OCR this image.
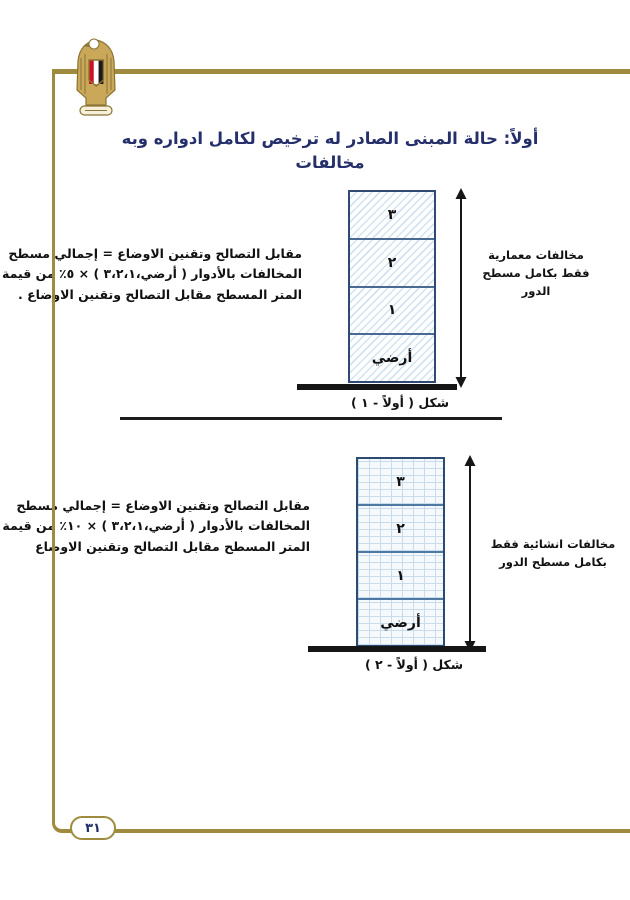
أولاً: حالة المبنى الصادر له ترخيص لكامل ادواره وبه مخالفات
مقابل التصالح وتقنين الاوضاع = إجمالي مسطح
المخالفات بالأدوار ( أرضي،٣،٢،١ ) × ٥٪ من قيمة
المتر المسطح مقابل التصالح وتقنين الاوضاع .
٣
٢
١
أرضي
مخالفات معمارية
فقط بكامل مسطح
الدور
شكل ( أولاً - ١ )
مقابل التصالح وتقنين الاوضاع = إجمالي مسطح
المخالفات بالأدوار ( أرضي،٣،٢،١ ) × ١٠٪ من قيمة
المتر المسطح مقابل التصالح وتقنين الاوضاع
٣
٢
١
أرضي
مخالفات انشائية فقط
بكامل مسطح الدور
شكل ( أولاً - ٢ )
٣١
